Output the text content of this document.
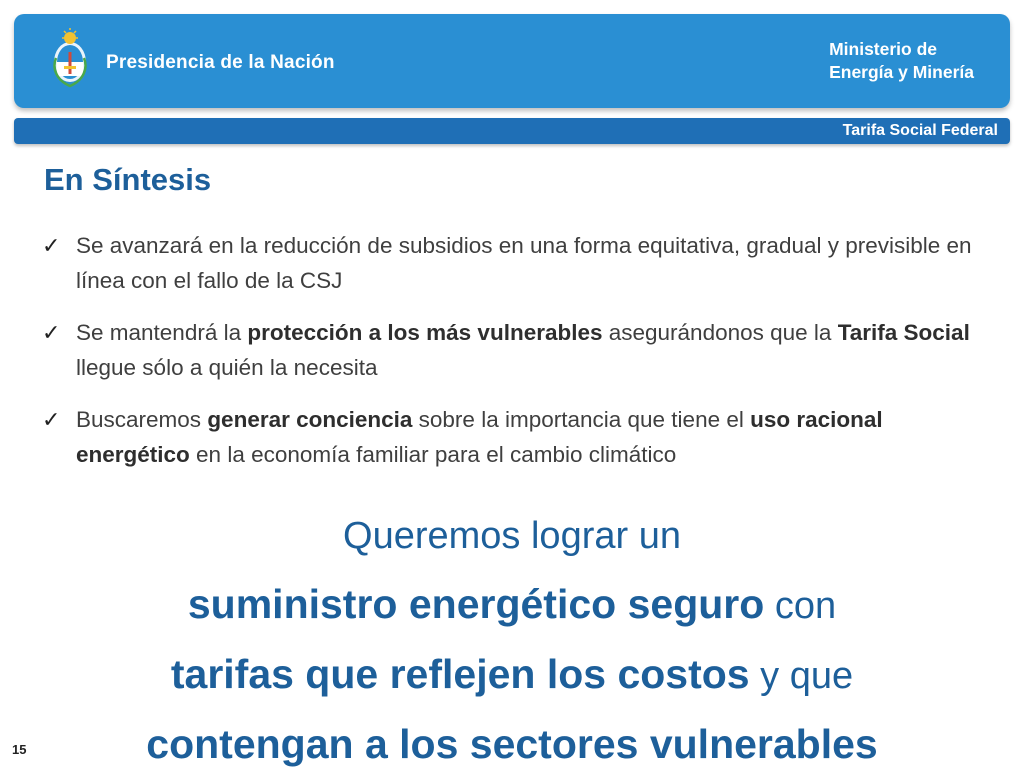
Presidencia de la Nación
Ministerio de
Energía y Minería
Tarifa Social Federal
En Síntesis
✓ Se avanzará en la reducción de subsidios en una forma equitativa, gradual y previsible en línea con el fallo de la CSJ
✓ Se mantendrá la protección a los más vulnerables asegurándonos que la Tarifa Social llegue sólo a quién la necesita
✓ Buscaremos generar conciencia sobre la importancia que tiene el uso racional energético en la economía familiar para el cambio climático
Queremos lograr un
suministro energético seguro con
tarifas que reflejen los costos y que
contengan a los sectores vulnerables
15
